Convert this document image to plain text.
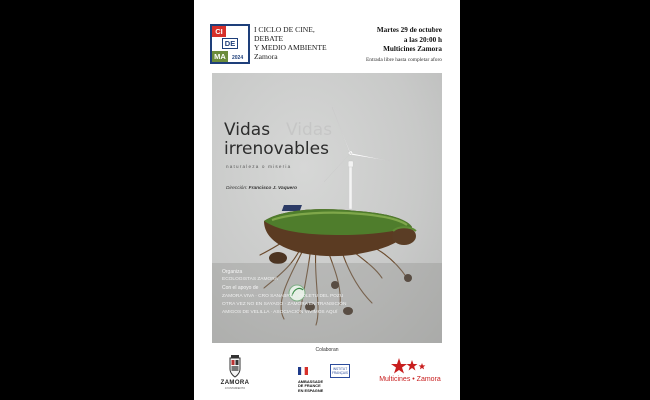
CI
DE
MA	2024
I CICLO DE CINE,
DEBATE
Y MEDIO AMBIENTE
Zamora
Martes 29 de octubre
a las 20:00 h
Multicines Zamora
Entrada libre hasta completar aforo
Vidas Vidas
irrenovables
naturaleza o miseria
Dirección: Francisco J. Vaquero
Organiza
ECOLOGISTAS ZAMORA
Con el apoyo de
ZAMORA VIVA · CRO SANABRIA · GOLETU DEL POZU
OTRA VEZ NO EN SAYAGO · ZAMORA EN TRANSICIÓN
AMIGOS DE VELILLA · ASOCIACIÓN VIVIMOS AQUÍ
Colaboran
ZAMORA
AYUNTAMIENTO
AMBASSADE
DE FRANCE
EN ESPAGNE
INSTITUT FRANÇAIS
Multicines • Zamora
